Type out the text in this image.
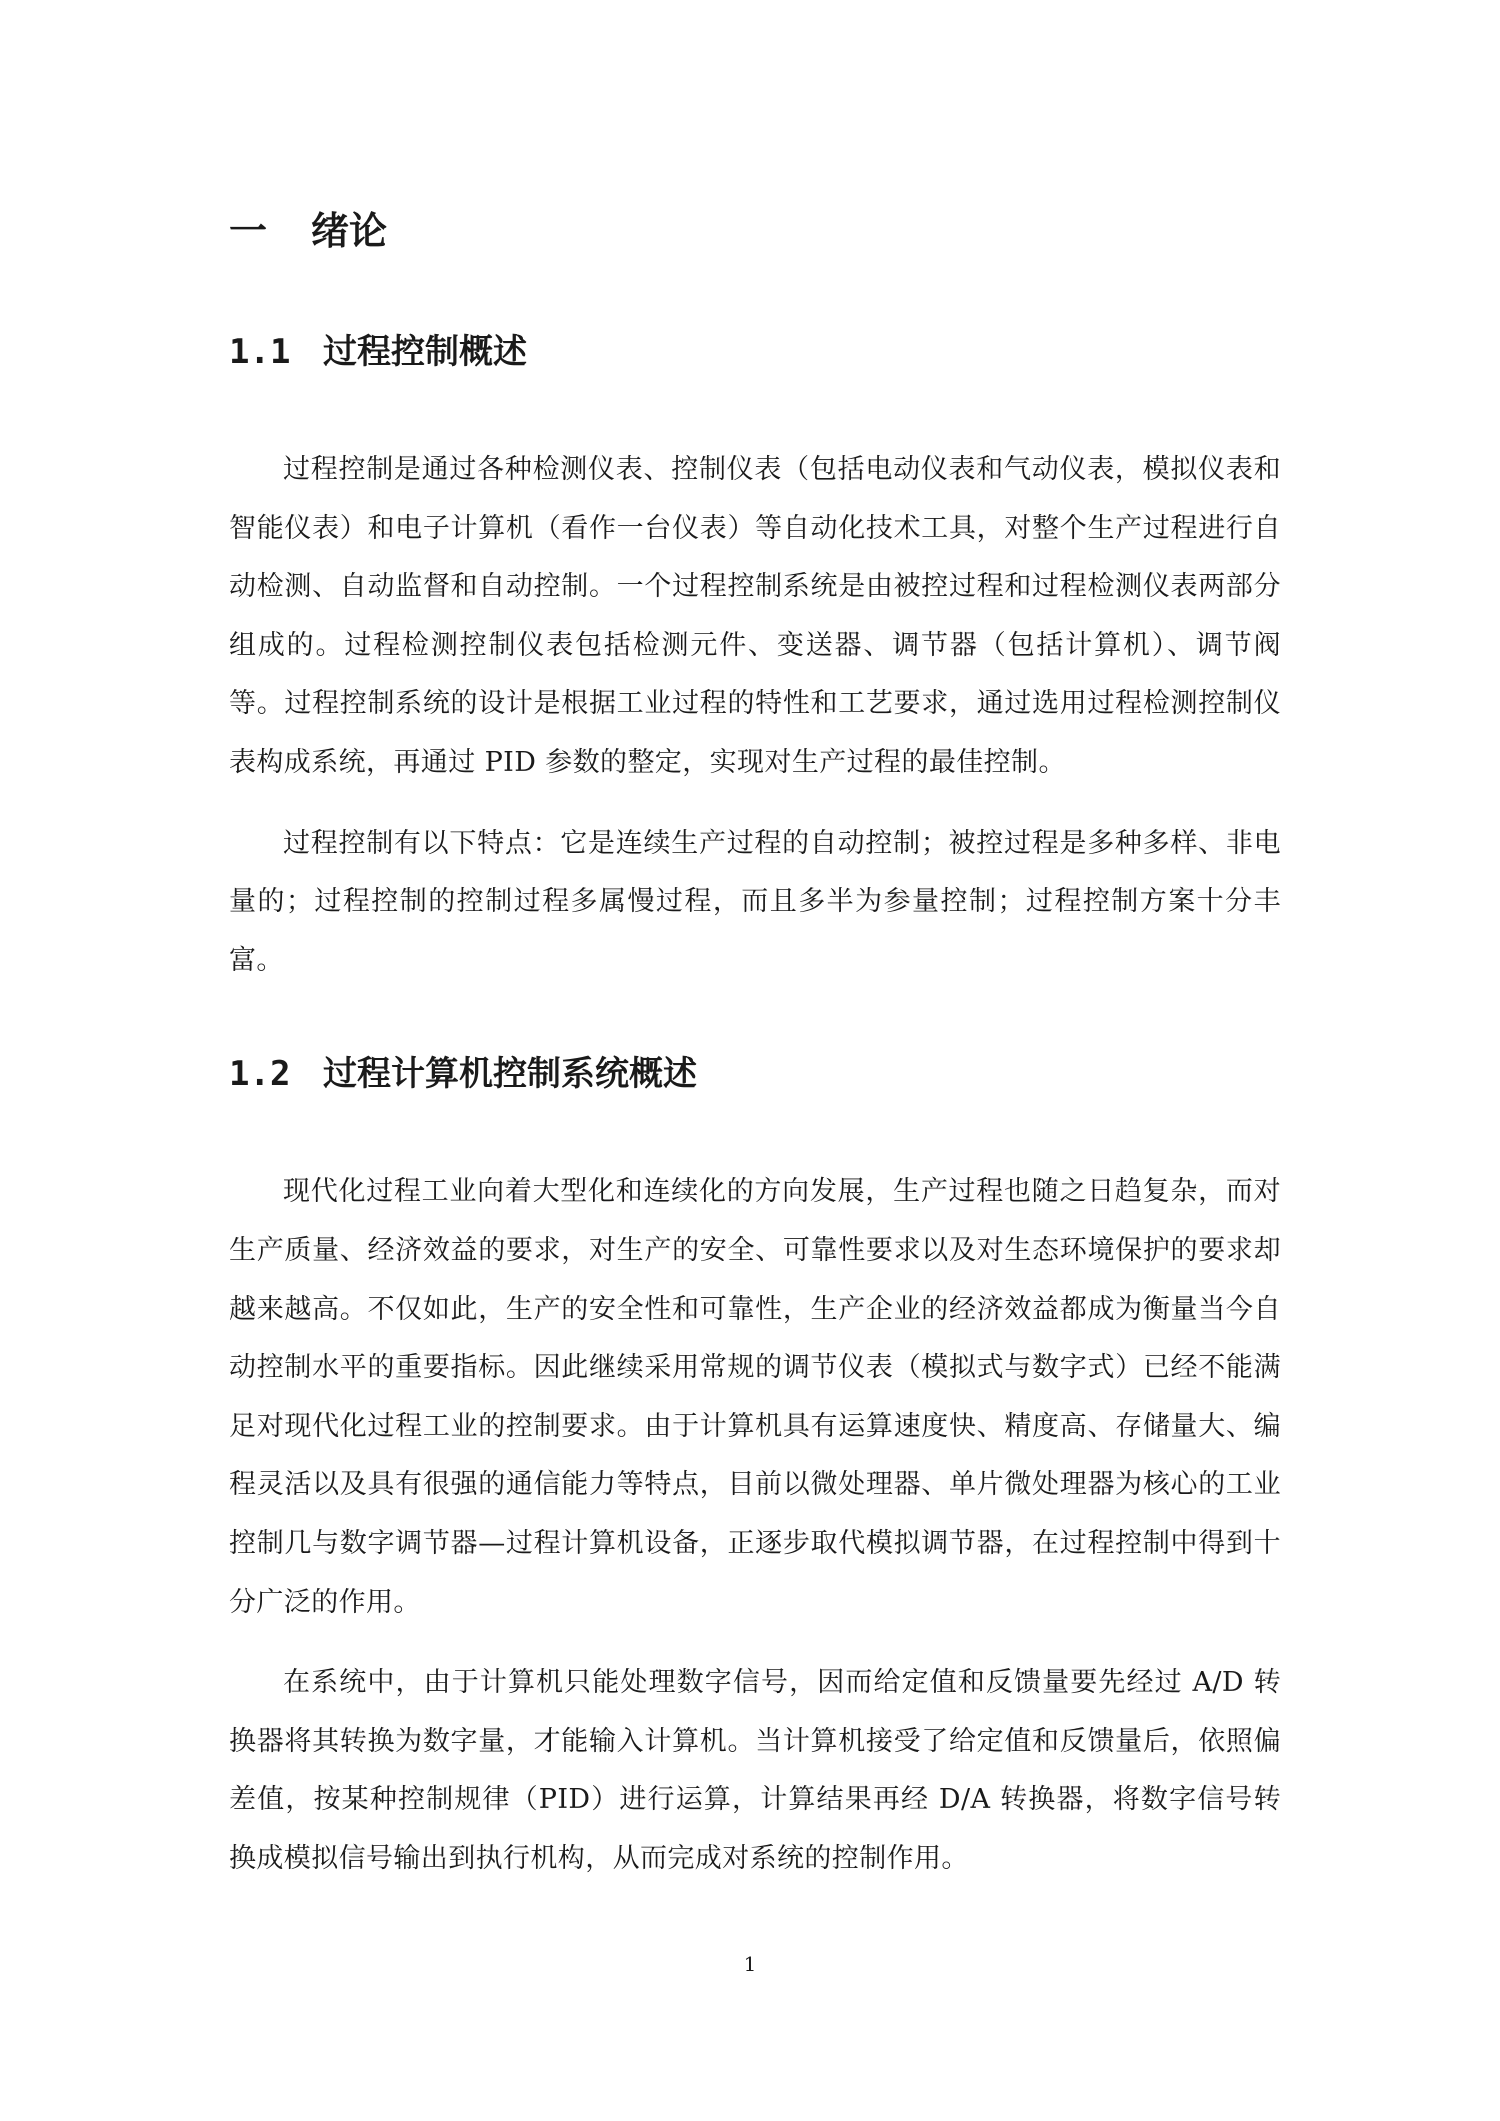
一 绪论
1.1 过程控制概述

过程控制是通过各种检测仪表、控制仪表（包括电动仪表和气动仪表，模拟仪表和智能仪表）和电子计算机（看作一台仪表）等自动化技术工具，对整个生产过程进行自动检测、自动监督和自动控制。一个过程控制系统是由被控过程和过程检测仪表两部分组成的。过程检测控制仪表包括检测元件、变送器、调节器（包括计算机）、调节阀等。过程控制系统的设计是根据工业过程的特性和工艺要求，通过选用过程检测控制仪表构成系统，再通过 PID 参数的整定，实现对生产过程的最佳控制。

过程控制有以下特点：它是连续生产过程的自动控制；被控过程是多种多样、非电量的；过程控制的控制过程多属慢过程，而且多半为参量控制；过程控制方案十分丰富。

1.2 过程计算机控制系统概述

现代化过程工业向着大型化和连续化的方向发展，生产过程也随之日趋复杂，而对生产质量、经济效益的要求，对生产的安全、可靠性要求以及对生态环境保护的要求却越来越高。不仅如此，生产的安全性和可靠性，生产企业的经济效益都成为衡量当今自动控制水平的重要指标。因此继续采用常规的调节仪表（模拟式与数字式）已经不能满足对现代化过程工业的控制要求。由于计算机具有运算速度快、精度高、存储量大、编程灵活以及具有很强的通信能力等特点，目前以微处理器、单片微处理器为核心的工业控制几与数字调节器—过程计算机设备，正逐步取代模拟调节器，在过程控制中得到十分广泛的作用。

在系统中，由于计算机只能处理数字信号，因而给定值和反馈量要先经过 A/D 转换器将其转换为数字量，才能输入计算机。当计算机接受了给定值和反馈量后，依照偏差值，按某种控制规律（PID）进行运算，计算结果再经 D/A 转换器，将数字信号转换成模拟信号输出到执行机构，从而完成对系统的控制作用。

1
